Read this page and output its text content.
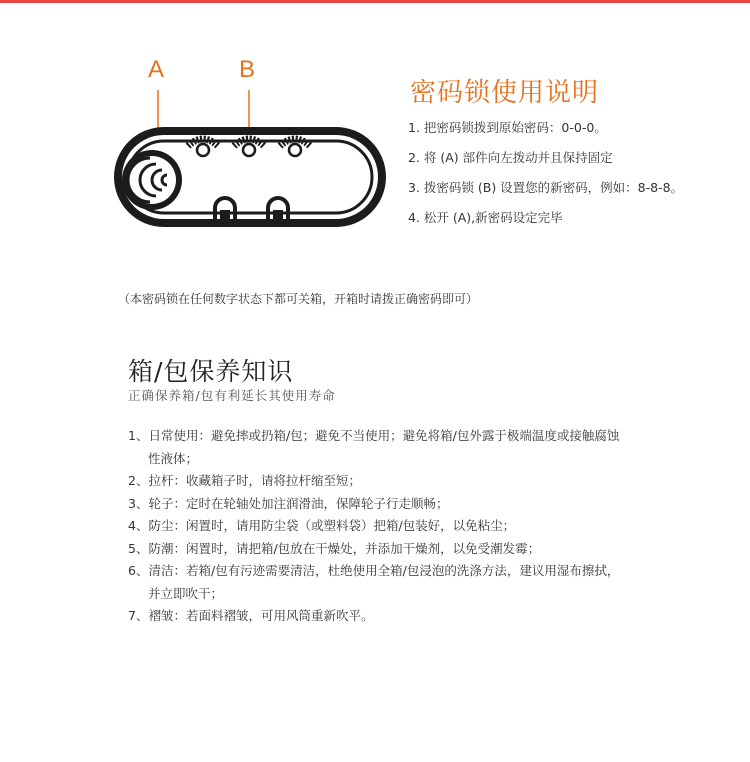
A	B
密码锁使用说明
1. 把密码锁拨到原始密码：0-0-0。
2. 将 (A) 部件向左拨动并且保持固定
3. 拨密码锁 (B) 设置您的新密码，例如：8-8-8。
4. 松开 (A),新密码设定完毕
（本密码锁在任何数字状态下都可关箱，开箱时请拨正确密码即可）
箱/包保养知识
正确保养箱/包有利延长其使用寿命
1、日常使用：避免摔或扔箱/包；避免不当使用；避免将箱/包外露于极端温度或接触腐蚀
性液体；
2、拉杆：收藏箱子时，请将拉杆缩至短；
3、轮子：定时在轮轴处加注润滑油，保障轮子行走顺畅；
4、防尘：闲置时，请用防尘袋（或塑料袋）把箱/包装好，以免粘尘；
5、防潮：闲置时，请把箱/包放在干燥处，并添加干燥剂，以免受潮发霉；
6、清洁：若箱/包有污迹需要清洁，杜绝使用全箱/包浸泡的洗涤方法，建议用湿布擦拭，
并立即吹干；
7、褶皱：若面料褶皱，可用风筒重新吹平。
